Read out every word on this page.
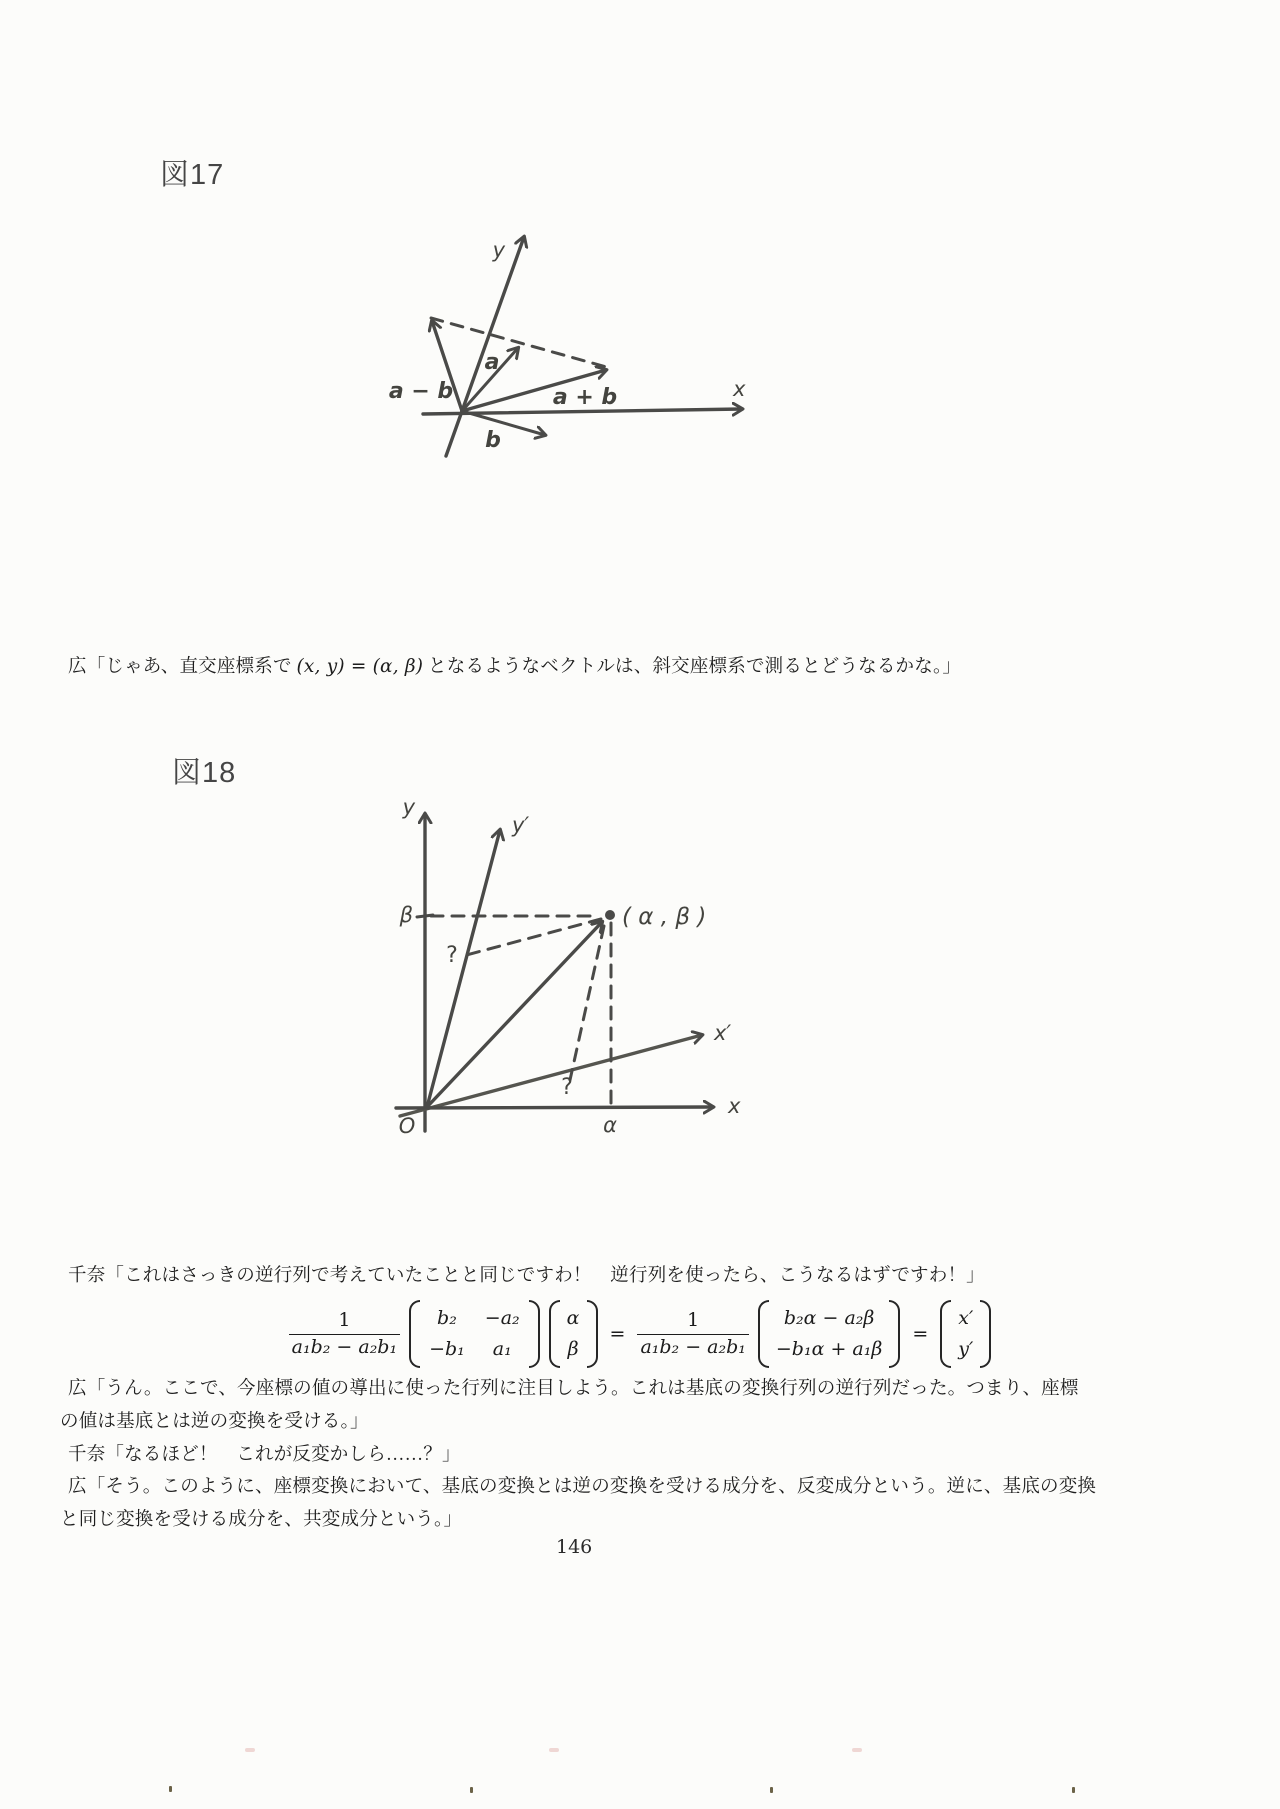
図17
y
x
a
a − b	a + b
b
広「じゃあ、直交座標系で (x, y) = (α, β) となるようなベクトルは、斜交座標系で測るとどうなるかな。」
図18
y
y′
x
x′
O
β
α
( α , β )
?
?
千奈「これはさっきの逆行列で考えていたことと同じですわ！　逆行列を使ったら、こうなるはずですわ！」
$\frac{1}{\text{a₁b₂ − a₂b₁}} b_2 -a_2$
−b₁ a₁
α
β
= $\frac{1}{\text{a₁b₂ − a₂b₁}} b_2\alpha - a_2\beta$
−b₁α + a₁β
=
x′
y′
広「うん。ここで、今座標の値の導出に使った行列に注目しよう。これは基底の変換行列の逆行列だった。つまり、座標
の値は基底とは逆の変換を受ける。」
千奈「なるほど！　これが反変かしら……？」
広「そう。このように、座標変換において、基底の変換とは逆の変換を受ける成分を、反変成分という。逆に、基底の変換
と同じ変換を受ける成分を、共変成分という。」
146
